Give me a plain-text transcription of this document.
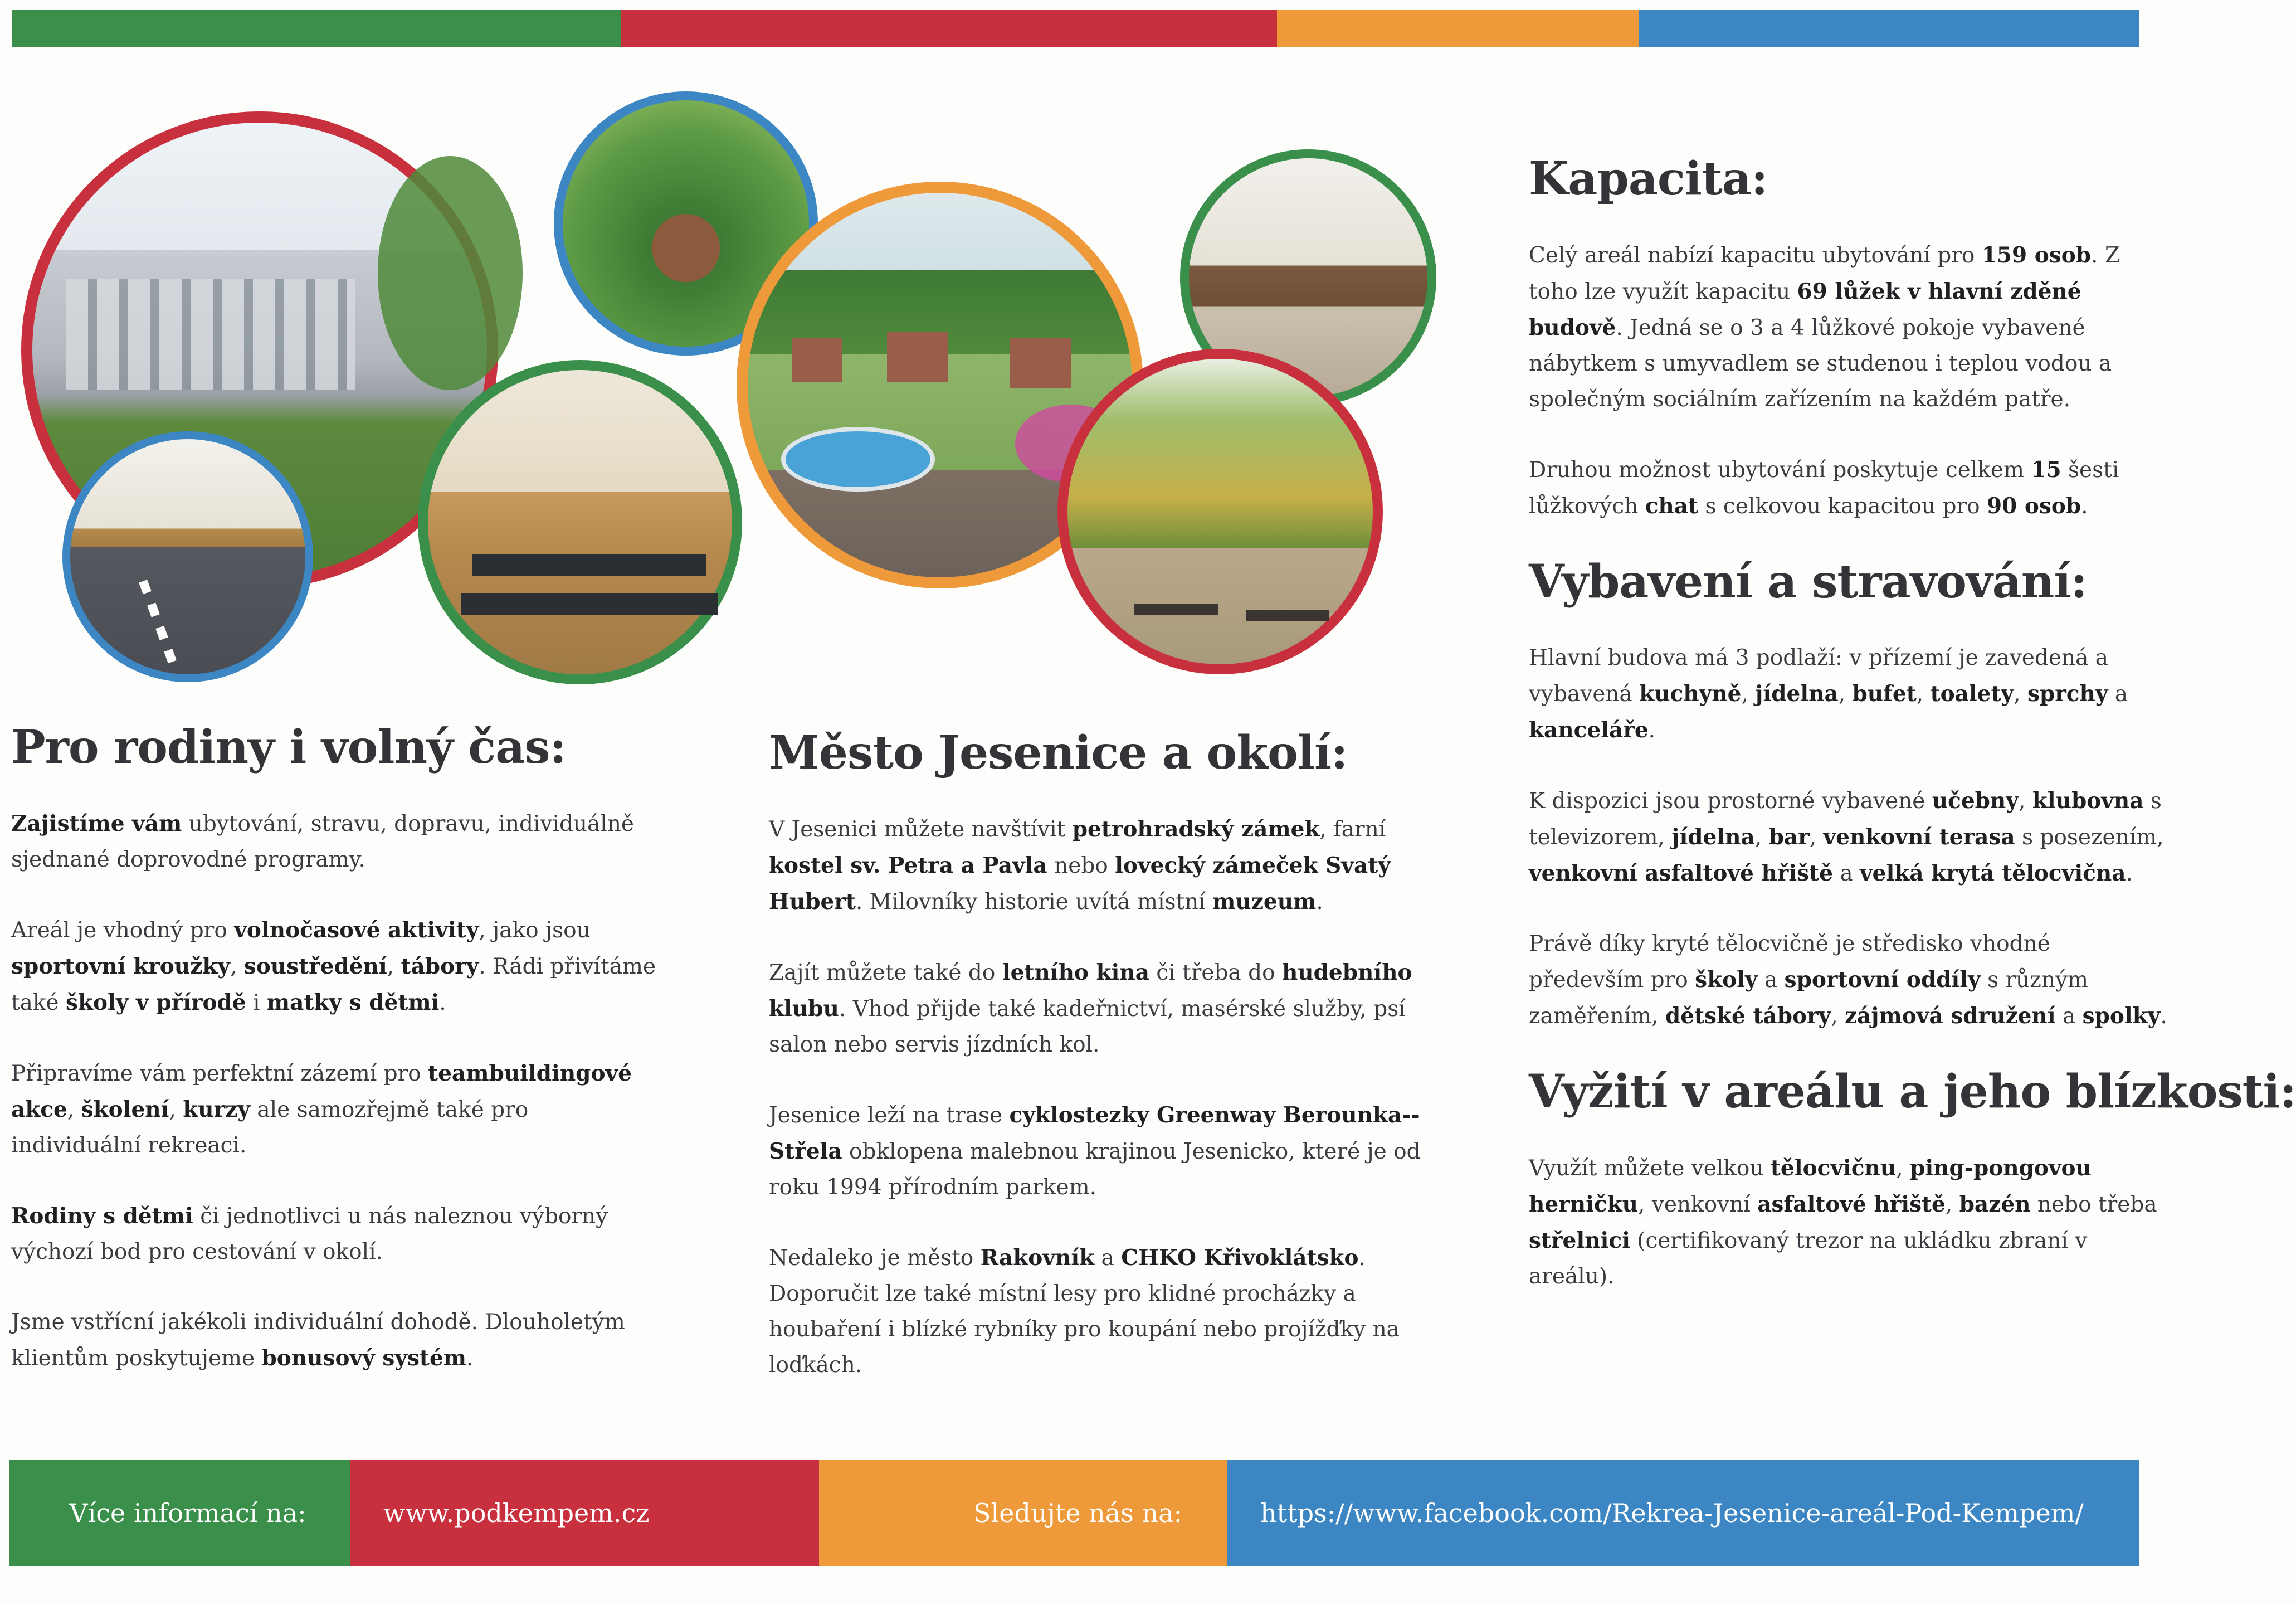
Pro rodiny i volný čas:

Zajistíme vám ubytování, stravu, dopravu, individuálně sjednané doprovodné programy.

Areál je vhodný pro volnočasové aktivity, jako jsou sportovní kroužky, soustředění, tábory. Rádi přivítáme také školy v přírodě i matky s dětmi.

Připravíme vám perfektní zázemí pro teambuildingové akce, školení, kurzy ale samozřejmě také pro individuální rekreaci.

Rodiny s dětmi či jednotlivci u nás naleznou výborný výchozí bod pro cestování v okolí.

Jsme vstřícní jakékoli individuální dohodě. Dlouholetým klientům poskytujeme bonusový systém.

Město Jesenice a okolí:

V Jesenici můžete navštívit petrohradský zámek, farní kostel sv. Petra a Pavla nebo lovecký zámeček Svatý Hubert. Milovníky historie uvítá místní muzeum.

Zajít můžete také do letního kina či třeba do hudebního klubu. Vhod přijde také kadeřnictví, masérské služby, psí salon nebo servis jízdních kol.

Jesenice leží na trase cyklostezky Greenway Berounka--Střela obklopena malebnou krajinou Jesenicko, které je od roku 1994 přírodním parkem.

Nedaleko je město Rakovník a CHKO Křivoklátsko. Doporučit lze také místní lesy pro klidné procházky a houbaření i blízké rybníky pro koupání nebo projížďky na loďkách.

Kapacita:

Celý areál nabízí kapacitu ubytování pro 159 osob. Z toho lze využít kapacitu 69 lůžek v hlavní zděné budově. Jedná se o 3 a 4 lůžkové pokoje vybavené nábytkem s umyvadlem se studenou i teplou vodou a společným sociálním zařízením na každém patře.

Druhou možnost ubytování poskytuje celkem 15 šesti lůžkových chat s celkovou kapacitou pro 90 osob.

Vybavení a stravování:

Hlavní budova má 3 podlaží: v přízemí je zavedená a vybavená kuchyně, jídelna, bufet, toalety, sprchy a kanceláře.

K dispozici jsou prostorné vybavené učebny, klubovna s televizorem, jídelna, bar, venkovní terasa s posezením, venkovní asfaltové hřiště a velká krytá tělocvična.

Právě díky kryté tělocvičně je středisko vhodné především pro školy a sportovní oddíly s různým zaměřením, dětské tábory, zájmová sdružení a spolky.

Vyžití v areálu a jeho blízkosti:

Využít můžete velkou tělocvičnu, ping-pongovou herničku, venkovní asfaltové hřiště, bazén nebo třeba střelnici (certifikovaný trezor na ukládku zbraní v areálu).

Více informací na:	www.podkempem.cz	Sledujte nás na:	https://www.facebook.com/Rekrea-Jesenice-areál-Pod-Kempem/
